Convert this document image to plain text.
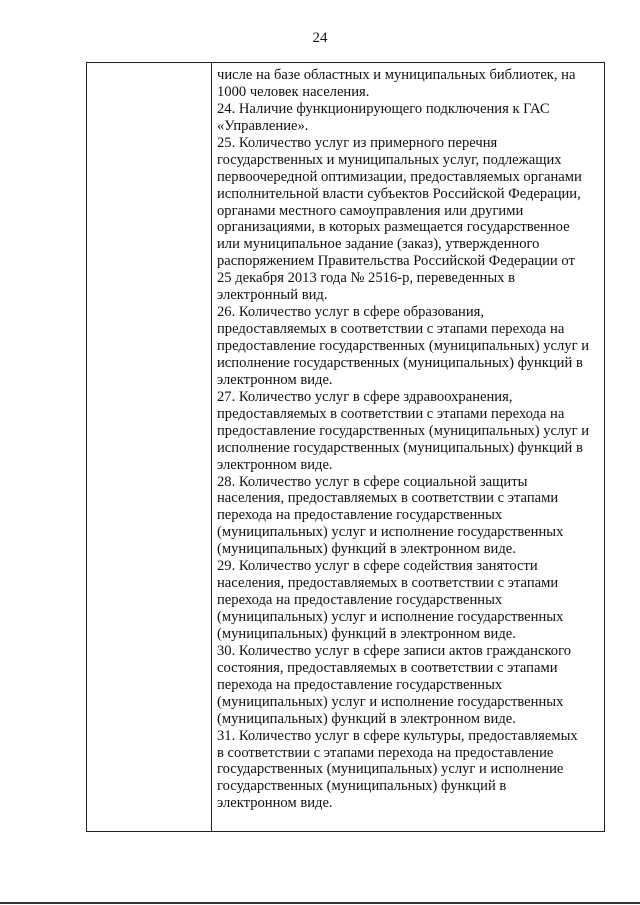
24
числе на базе областных и муниципальных библиотек, на
1000 человек населения.
24. Наличие функционирующего подключения к ГАС
«Управление».
25. Количество услуг из примерного перечня
государственных и муниципальных услуг, подлежащих
первоочередной оптимизации, предоставляемых органами
исполнительной власти субъектов Российской Федерации,
органами местного самоуправления или другими
организациями, в которых размещается государственное
или муниципальное задание (заказ), утвержденного
распоряжением Правительства Российской Федерации от
25 декабря 2013 года № 2516-р, переведенных в
электронный вид.
26. Количество услуг в сфере образования,
предоставляемых в соответствии с этапами перехода на
предоставление государственных (муниципальных) услуг и
исполнение государственных (муниципальных) функций в
электронном виде.
27. Количество услуг в сфере здравоохранения,
предоставляемых в соответствии с этапами перехода на
предоставление государственных (муниципальных) услуг и
исполнение государственных (муниципальных) функций в
электронном виде.
28. Количество услуг в сфере социальной защиты
населения, предоставляемых в соответствии с этапами
перехода на предоставление государственных
(муниципальных) услуг и исполнение государственных
(муниципальных) функций в электронном виде.
29. Количество услуг в сфере содействия занятости
населения, предоставляемых в соответствии с этапами
перехода на предоставление государственных
(муниципальных) услуг и исполнение государственных
(муниципальных) функций в электронном виде.
30. Количество услуг в сфере записи актов гражданского
состояния, предоставляемых в соответствии с этапами
перехода на предоставление государственных
(муниципальных) услуг и исполнение государственных
(муниципальных) функций в электронном виде.
31. Количество услуг в сфере культуры, предоставляемых
в соответствии с этапами перехода на предоставление
государственных (муниципальных) услуг и исполнение
государственных (муниципальных) функций в
электронном виде.
